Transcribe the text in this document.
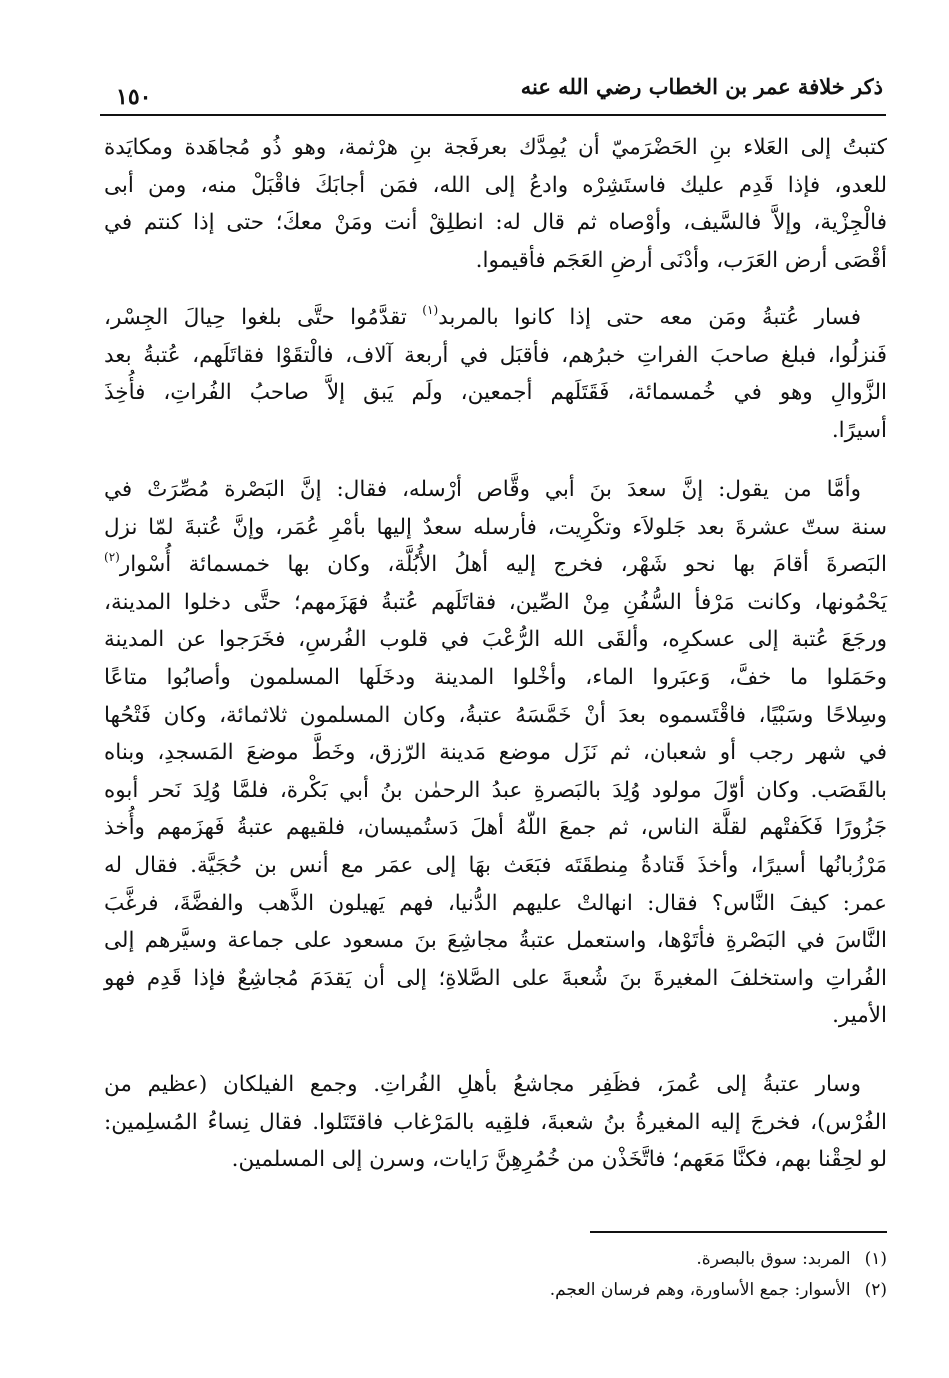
ذكر خلافة عمر بن الخطاب رضي الله عنه
١٥٠
كتبتُ إلى العَلاء بنِ الحَضْرَميّ أن يُمِدَّك بعرفَجة بنِ هرْثمة، وهو ذُو مُجاهَدة ومكايَدة
للعدو، فإذا قَدِم عليك فاستَشِرْه وادعُ إلى الله، فمَن أجابَكَ فاقْبَلْ منه، ومن أبى
فالْجِزْية، وإلاَّ فالسَّيف، وأوْصاه ثم قال له: انطلِقْ أنت ومَنْ معكَ؛ حتى إذا كنتم في
أقْصَى أرض العَرَب، وأدْنَى أرضِ العَجَم فأقيموا.
فسار عُتبةُ ومَن معه حتى إذا كانوا بالمربد$^{(١)}$ تقدَّمُوا حتَّى بلغوا حِيالَ الجِسْر،
فَنزلُوا، فبلغ صاحبَ الفراتِ خبرُهم، فأقبَل في أربعة آلاف، فالْتقَوْا فقاتَلَهم، عُتبةُ بعد
الزَّوالِ وهو في خُمسمائة، فَقَتَلَهم أجمعين، ولَم يَبق إلاَّ صاحبُ الفُراتِ، فأُخِذَ
أسيرًا.
وأمَّا من يقول: إنَّ سعدَ بنَ أبي وقَّاص أرْسله، فقال: إنَّ البَصْرة مُصِّرَتْ في
سنة ستّ عشرةَ بعد جَلولاَء وتكْرِيت، فأرسله سعدٌ إليها بأمْرِ عُمَر، وإنَّ عُتبةَ لمّا نزل
البَصرةَ أقامَ بها نحو شَهْر، فخرج إليه أهلُ الأُبُلَّة، وكان بها خمسمائة أُسْوار$^{(٢)}$
يَحْمُونها، وكانت مَرْفأ السُّفُنِ مِنْ الصِّين، فقاتَلَهم عُتبةُ فهَزَمهم؛ حتَّى دخلوا المدينة،
ورجَعَ عُتبة إلى عسكرِه، وألقَى الله الرُّعْبَ في قلوب الفُرسِ، فخَرَجوا عن المدينة
وحَمَلوا ما خفَّ، وَعبَروا الماء، وأخْلوا المدينة ودخَلَها المسلمون وأصابُوا متاعًا
وسِلاحًا وسَبْيًا، فاقْتَسموه بعدَ أنْ خَمَّسَهُ عتبةُ، وكان المسلمون ثلاثمائة، وكان فَتْحُها
في شهر رجب أو شعبان، ثم نَزَل موضع مَدينة الرّزق، وخَطَّ موضعَ المَسجدِ، وبناه
بالقَصَب. وكان أوّلَ مولود وُلِدَ بالبَصرةِ عبدُ الرحمٰن بنُ أبي بَكْرة، فلمَّا وُلِدَ نَحر أبوه
جَزُورًا فَكَفتْهم لقلَّة الناس، ثم جمعَ اللّهُ أهلَ دَستُميسان، فلقيهم عتبةُ فَهزَمهم وأُخذ
مَرْزُبانُها أسيرًا، وأخذَ قَتادةُ مِنطقَتَه فبَعَث بهَا إلى عمَر مع أنس بن حُجَيَّة. فقال له
عمر: كيفَ النَّاس؟ فقال: انهالتْ عليهم الدُّنيا، فهم يَهيلون الذَّهب والفضَّةَ، فرغَّبَ
النَّاسَ في البَصْرةِ فأتَوْها، واستعمل عتبةُ مجاشِعَ بنَ مسعود على جماعة وسيَّرهم إلى
الفُراتِ واستخلفَ المغيرةَ بنَ شُعبةَ على الصَّلاةِ؛ إلى أن يَقدَمَ مُجاشِعٌ فإذا قَدِم فهو
الأمير.
وسار عتبةُ إلى عُمرَ، فظَفِر مجاشعُ بأهلِ الفُراتِ. وجمع الفيلكان (عظيم من
الفُرْس)، فخرجَ إليه المغيرةُ بنُ شعبةَ، فلقِيه بالمَرْغاب فاقتَتَلوا. فقال نِساءُ المُسلِمين:
لو لحِقْنا بهم، فكنَّا مَعَهم؛ فاتَّخَذْن من خُمُرِهِنَّ رَايات، وسرن إلى المسلمين.
(١)المربد: سوق بالبصرة.
(٢)الأسوار: جمع الأساورة، وهم فرسان العجم.
